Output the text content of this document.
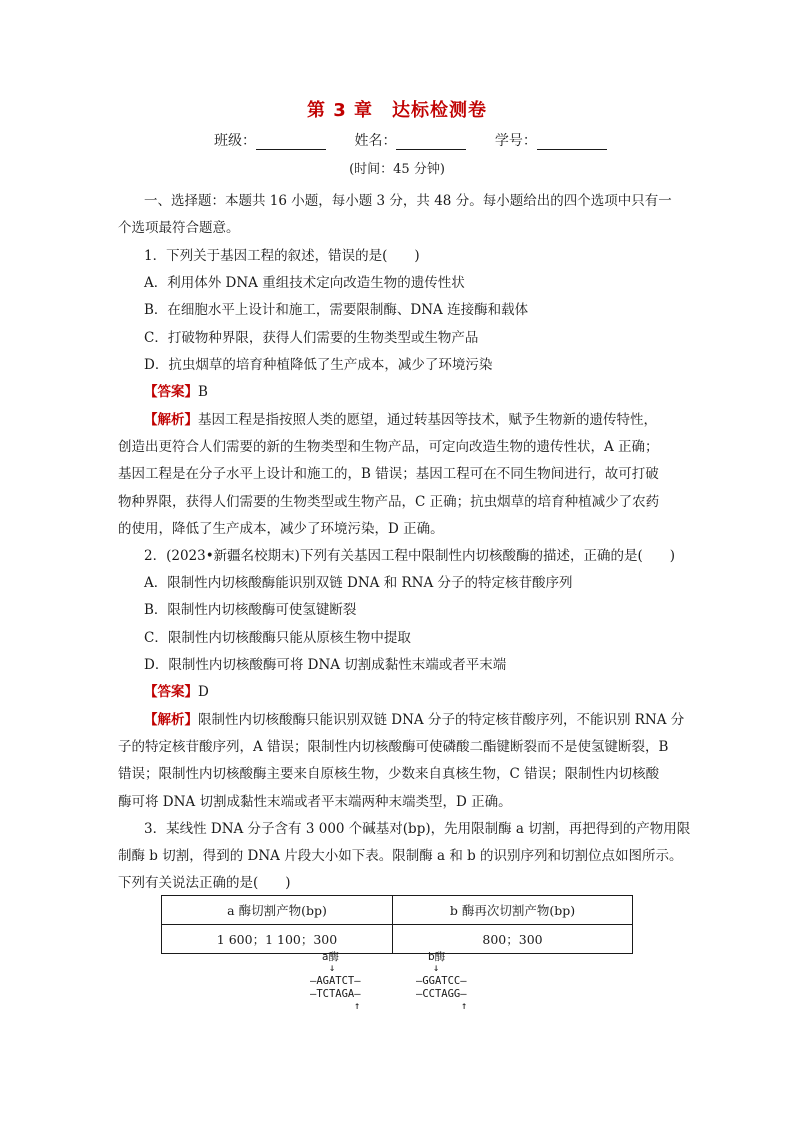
第 3 章　达标检测卷
班级：	姓名：	学号：
(时间：45 分钟)
一、选择题：本题共 16 小题，每小题 3 分，共 48 分。每小题给出的四个选项中只有一
个选项最符合题意。
1．下列关于基因工程的叙述，错误的是(　　)
A．利用体外 DNA 重组技术定向改造生物的遗传性状
B．在细胞水平上设计和施工，需要限制酶、DNA 连接酶和载体
C．打破物种界限，获得人们需要的生物类型或生物产品
D．抗虫烟草的培育种植降低了生产成本，减少了环境污染
【答案】B
【解析】基因工程是指按照人类的愿望，通过转基因等技术，赋予生物新的遗传特性，
创造出更符合人们需要的新的生物类型和生物产品，可定向改造生物的遗传性状，A 正确；
基因工程是在分子水平上设计和施工的，B 错误；基因工程可在不同生物间进行，故可打破
物种界限，获得人们需要的生物类型或生物产品，C 正确；抗虫烟草的培育种植减少了农药
的使用，降低了生产成本，减少了环境污染，D 正确。
2．(2023•新疆名校期末)下列有关基因工程中限制性内切核酸酶的描述，正确的是(　　)
A．限制性内切核酸酶能识别双链 DNA 和 RNA 分子的特定核苷酸序列
B．限制性内切核酸酶可使氢键断裂
C．限制性内切核酸酶只能从原核生物中提取
D．限制性内切核酸酶可将 DNA 切割成黏性末端或者平末端
【答案】D
【解析】限制性内切核酸酶只能识别双链 DNA 分子的特定核苷酸序列，不能识别 RNA 分
子的特定核苷酸序列，A 错误；限制性内切核酸酶可使磷酸二酯键断裂而不是使氢键断裂，B
错误；限制性内切核酸酶主要来自原核生物，少数来自真核生物，C 错误；限制性内切核酸
酶可将 DNA 切割成黏性末端或者平末端两种末端类型，D 正确。
3．某线性 DNA 分子含有 3 000 个碱基对(bp)，先用限制酶 a 切割，再把得到的产物用限
制酶 b 切割，得到的 DNA 片段大小如下表。限制酶 a 和 b 的识别序列和切割位点如图所示。
下列有关说法正确的是(　　)
a 酶切割产物(bp)	b 酶再次切割产物(bp)
1 600；1 100；300	800；300
a酶
↓
—AGATCT—
—TCTAGA—
↑
b酶
↓
—GGATCC—
—CCTAGG—
↑
